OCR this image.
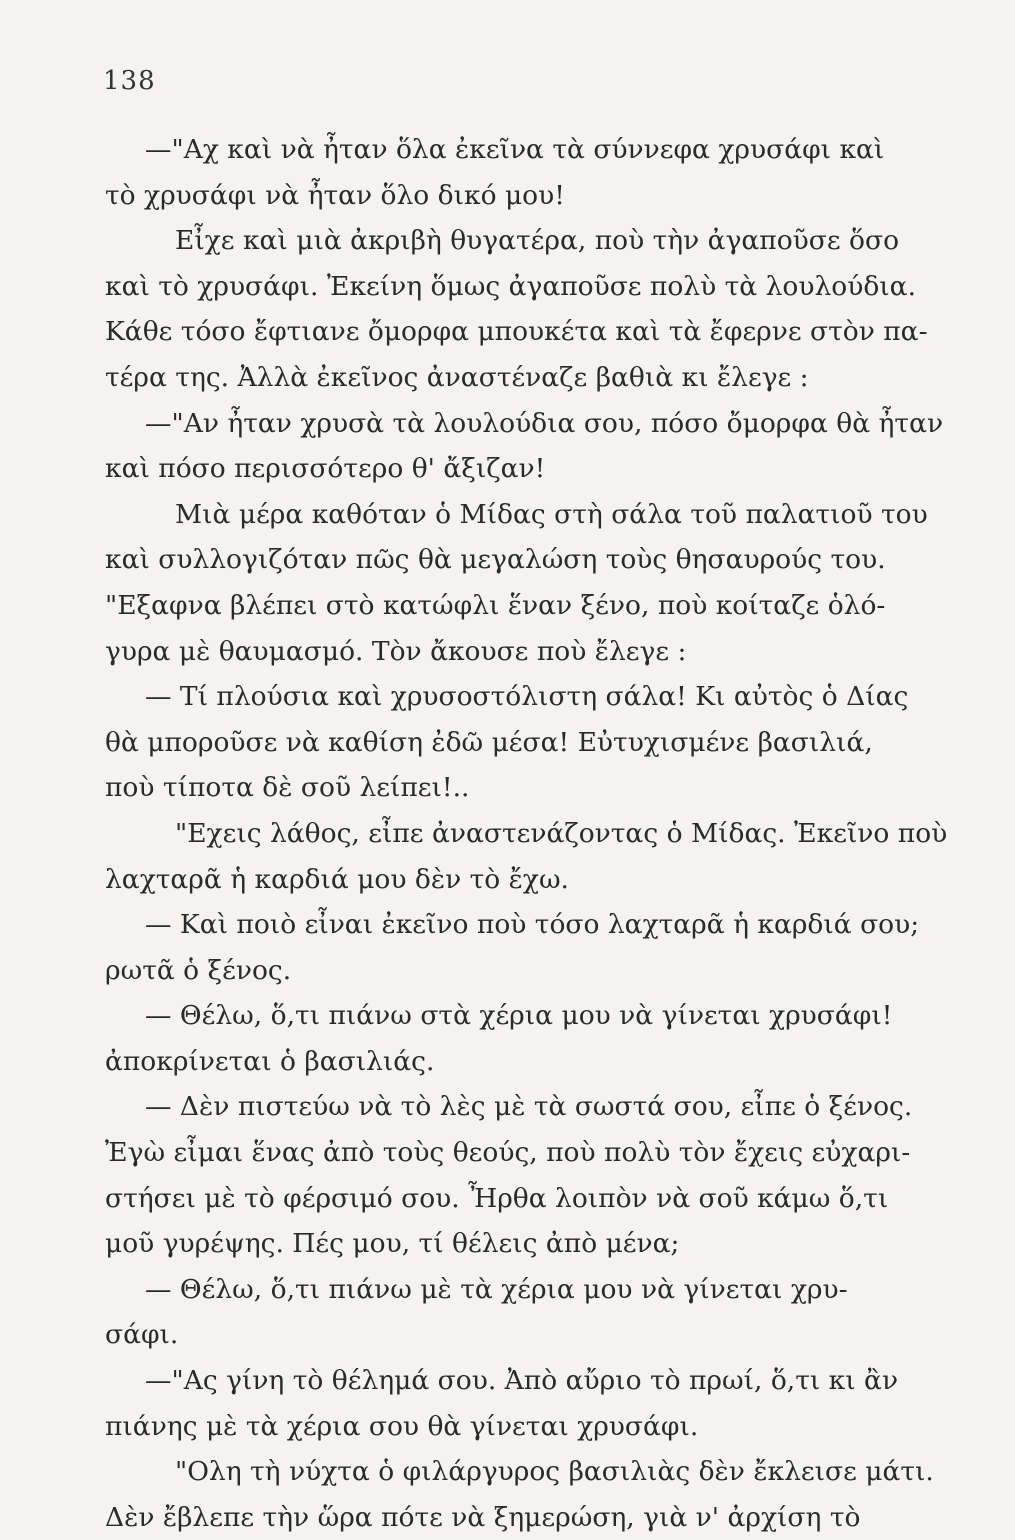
138
—"Αχ καὶ νὰ ἦταν ὅλα ἐκεῖνα τὰ σύννεφα χρυσάφι καὶ
τὸ χρυσάφι νὰ ἦταν ὅλο δικό μου!
Εἶχε καὶ μιὰ ἀκριβὴ θυγατέρα, ποὺ τὴν ἀγαποῦσε ὅσο
καὶ τὸ χρυσάφι. Ἐκείνη ὅμως ἀγαποῦσε πολὺ τὰ λουλούδια.
Κάθε τόσο ἔφτιανε ὄμορφα μπουκέτα καὶ τὰ ἔφερνε στὸν πα-
τέρα της. Ἀλλὰ ἐκεῖνος ἀναστέναζε βαθιὰ κι ἔλεγε :
—"Αν ἦταν χρυσὰ τὰ λουλούδια σου, πόσο ὄμορφα θὰ ἦταν
καὶ πόσο περισσότερο θ' ἄξιζαν!
Μιὰ μέρα καθόταν ὁ Μίδας στὴ σάλα τοῦ παλατιοῦ του
καὶ συλλογιζόταν πῶς θὰ μεγαλώση τοὺς θησαυρούς του.
"Εξαφνα βλέπει στὸ κατώφλι ἕναν ξένο, ποὺ κοίταζε ὁλό-
γυρα μὲ θαυμασμό. Τὸν ἄκουσε ποὺ ἔλεγε :
— Τί πλούσια καὶ χρυσοστόλιστη σάλα! Κι αὐτὸς ὁ Δίας
θὰ μποροῦσε νὰ καθίση ἐδῶ μέσα! Εὐτυχισμένε βασιλιά,
ποὺ τίποτα δὲ σοῦ λείπει!..
"Εχεις λάθος, εἶπε ἀναστενάζοντας ὁ Μίδας. Ἐκεῖνο ποὺ
λαχταρᾶ ἡ καρδιά μου δὲν τὸ ἔχω.
— Καὶ ποιὸ εἶναι ἐκεῖνο ποὺ τόσο λαχταρᾶ ἡ καρδιά σου;
ρωτᾶ ὁ ξένος.
— Θέλω, ὅ,τι πιάνω στὰ χέρια μου νὰ γίνεται χρυσάφι!
ἀποκρίνεται ὁ βασιλιάς.
— Δὲν πιστεύω νὰ τὸ λὲς μὲ τὰ σωστά σου, εἶπε ὁ ξένος.
Ἐγὼ εἶμαι ἕνας ἀπὸ τοὺς θεούς, ποὺ πολὺ τὸν ἔχεις εὐχαρι-
στήσει μὲ τὸ φέρσιμό σου. Ἦρθα λοιπὸν νὰ σοῦ κάμω ὅ,τι
μοῦ γυρέψης. Πές μου, τί θέλεις ἀπὸ μένα;
— Θέλω, ὅ,τι πιάνω μὲ τὰ χέρια μου νὰ γίνεται χρυ-
σάφι.
—"Ας γίνη τὸ θέλημά σου. Ἀπὸ αὔριο τὸ πρωί, ὅ,τι κι ἂν
πιάνης μὲ τὰ χέρια σου θὰ γίνεται χρυσάφι.
"Ολη τὴ νύχτα ὁ φιλάργυρος βασιλιὰς δὲν ἔκλεισε μάτι.
Δὲν ἔβλεπε τὴν ὥρα πότε νὰ ξημερώση, γιὰ ν' ἀρχίση τὸ
